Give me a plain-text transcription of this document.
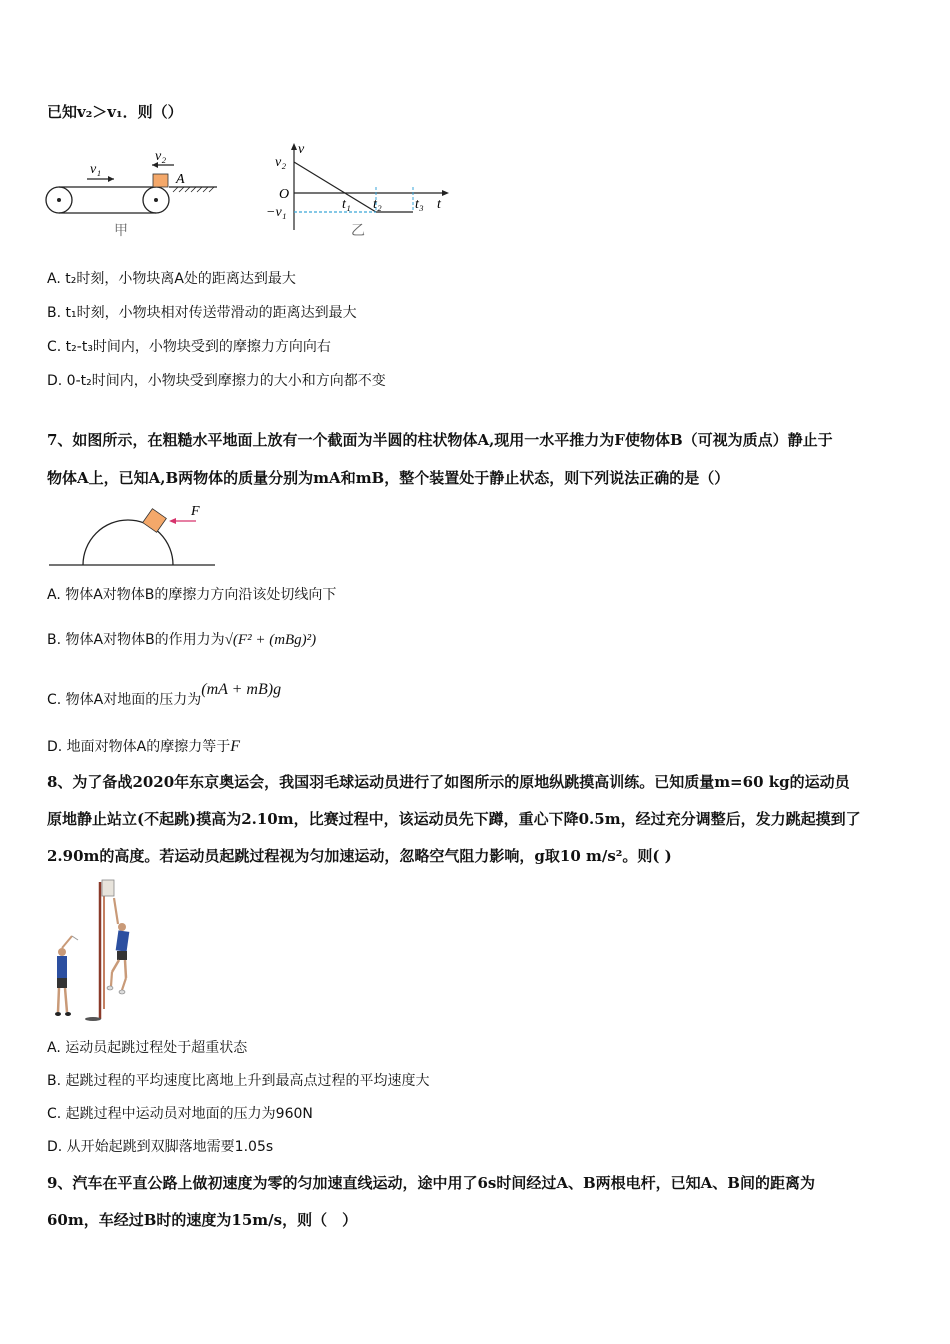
已知v₂＞v₁．则（）
v₁
v₂
A
甲
v
v₂
O
−v₁
t₁ t₂ t₃ t
乙
A. t₂时刻，小物块离A处的距离达到最大
B. t₁时刻，小物块相对传送带滑动的距离达到最大
C. t₂-t₃时间内，小物块受到的摩擦力方向向右
D. 0-t₂时间内，小物块受到摩擦力的大小和方向都不变
7、如图所示，在粗糙水平地面上放有一个截面为半圆的柱状物体A,现用一水平推力为F使物体B（可视为质点）静止于
物体A上，已知A,B两物体的质量分别为mA和mB，整个装置处于静止状态，则下列说法正确的是（）
F
A. 物体A对物体B的摩擦力方向沿该处切线向下
B. 物体A对物体B的作用力为√(F² + (mBg)²)
C. 物体A对地面的压力为(mA + mB)g
D. 地面对物体A的摩擦力等于F
8、为了备战2020年东京奥运会，我国羽毛球运动员进行了如图所示的原地纵跳摸高训练。已知质量m=60 kg的运动员
原地静止站立(不起跳)摸高为2.10m，比赛过程中，该运动员先下蹲，重心下降0.5m，经过充分调整后，发力跳起摸到了
2.90m的高度。若运动员起跳过程视为匀加速运动，忽略空气阻力影响，g取10 m/s²。则( )
A. 运动员起跳过程处于超重状态
B. 起跳过程的平均速度比离地上升到最高点过程的平均速度大
C. 起跳过程中运动员对地面的压力为960N
D. 从开始起跳到双脚落地需要1.05s
9、汽车在平直公路上做初速度为零的匀加速直线运动，途中用了6s时间经过A、B两根电杆，已知A、B间的距离为
60m，车经过B时的速度为15m/s，则（　）
